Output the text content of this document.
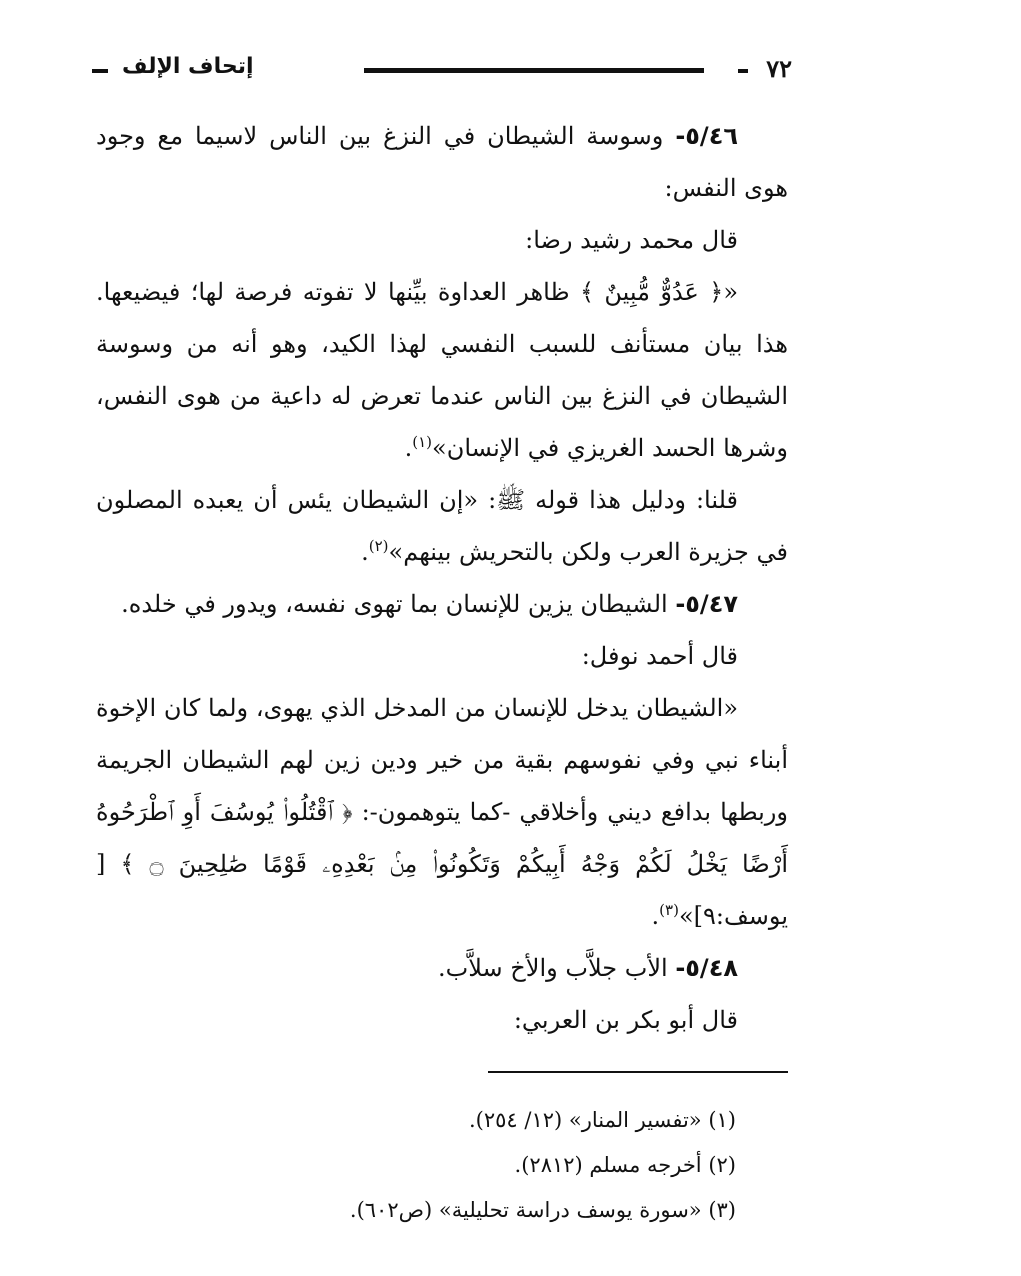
٧٢
إتحاف الإلف

٥/٤٦- وسوسة الشيطان في النزغ بين الناس لاسيما مع وجود هوى النفس:

قال محمد رشيد رضا:

«﴿ عَدُوٌّ مُّبِينٌ ﴾ ظاهر العداوة بيِّنها لا تفوته فرصة لها؛ فيضيعها. هذا بيان مستأنف للسبب النفسي لهذا الكيد، وهو أنه من وسوسة الشيطان في النزغ بين الناس عندما تعرض له داعية من هوى النفس، وشرها الحسد الغريزي في الإنسان»$^{(١)}$.

قلنا: ودليل هذا قوله ﷺ: «إن الشيطان يئس أن يعبده المصلون في جزيرة العرب ولكن بالتحريش بينهم»$^{(٢)}$.

٥/٤٧- الشيطان يزين للإنسان بما تهوى نفسه، ويدور في خلده.

قال أحمد نوفل:

«الشيطان يدخل للإنسان من المدخل الذي يهوى، ولما كان الإخوة أبناء نبي وفي نفوسهم بقية من خير ودين زين لهم الشيطان الجريمة وربطها بدافع ديني وأخلاقي -كما يتوهمون-: ﴿ ٱقْتُلُوا۟ يُوسُفَ أَوِ ٱطْرَحُوهُ أَرْضًا يَخْلُ لَكُمْ وَجْهُ أَبِيكُمْ وَتَكُونُوا۟ مِنۢ بَعْدِهِۦ قَوْمًا صَٰلِحِينَ ۝ ﴾ [ يوسف:٩]»$^{(٣)}$.

٥/٤٨- الأب جلاَّب والأخ سلاَّب.

قال أبو بكر بن العربي:

(١) «تفسير المنار» (١٢/ ٢٥٤).
(٢) أخرجه مسلم (٢٨١٢).
(٣) «سورة يوسف دراسة تحليلية» (ص٦٠٢).
